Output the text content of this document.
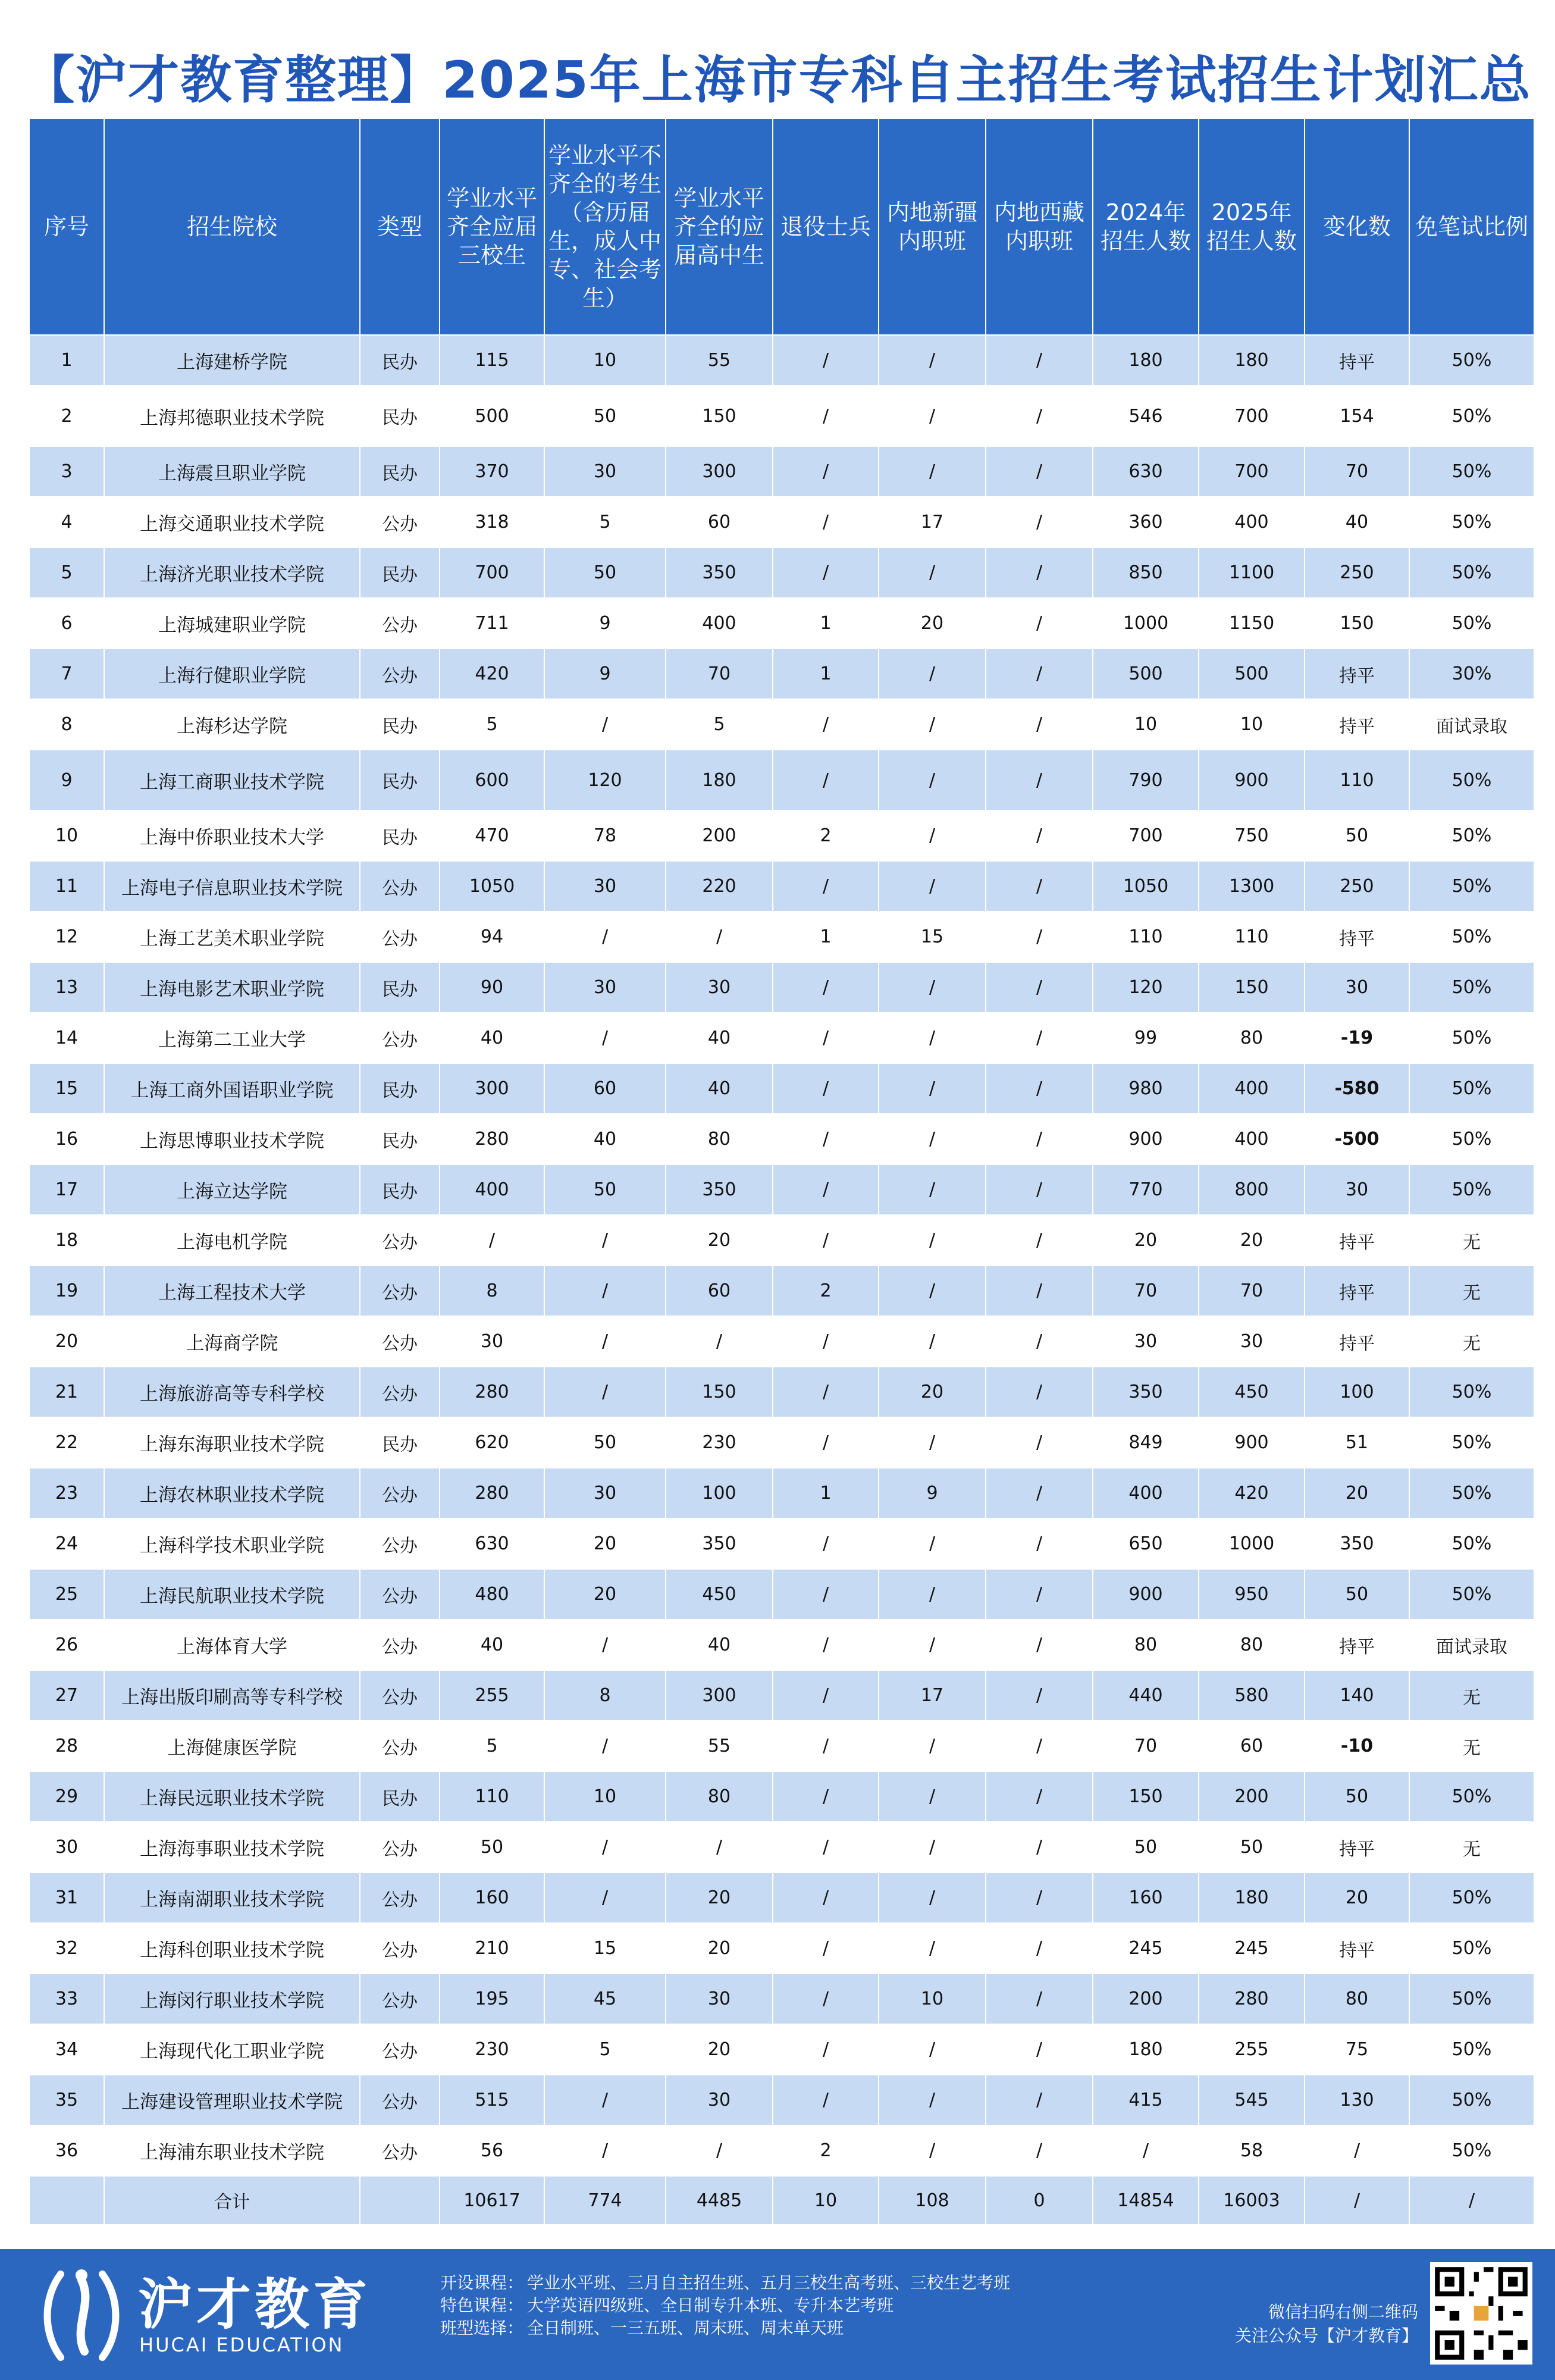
【沪才教育整理】2025年上海市专科自主招生考试招生计划汇总
序号	招生院校	类型	学业水平齐全应届三校生	学业水平不齐全的考生（含历届生，成人中专、社会考生）	学业水平齐全的应届高中生	退役士兵	内地新疆内职班	内地西藏内职班	2024年招生人数	2025年招生人数	变化数	免笔试比例
1	上海建桥学院	民办	115	10	55	/	/	/	180	180	持平	50%
2	上海邦德职业技术学院	民办	500	50	150	/	/	/	546	700	154	50%
3	上海震旦职业学院	民办	370	30	300	/	/	/	630	700	70	50%
4	上海交通职业技术学院	公办	318	5	60	/	17	/	360	400	40	50%
5	上海济光职业技术学院	民办	700	50	350	/	/	/	850	1100	250	50%
6	上海城建职业学院	公办	711	9	400	1	20	/	1000	1150	150	50%
7	上海行健职业学院	公办	420	9	70	1	/	/	500	500	持平	30%
8	上海杉达学院	民办	5	/	5	/	/	/	10	10	持平	面试录取
9	上海工商职业技术学院	民办	600	120	180	/	/	/	790	900	110	50%
10	上海中侨职业技术大学	民办	470	78	200	2	/	/	700	750	50	50%
11	上海电子信息职业技术学院	公办	1050	30	220	/	/	/	1050	1300	250	50%
12	上海工艺美术职业学院	公办	94	/	/	1	15	/	110	110	持平	50%
13	上海电影艺术职业学院	民办	90	30	30	/	/	/	120	150	30	50%
14	上海第二工业大学	公办	40	/	40	/	/	/	99	80	-19	50%
15	上海工商外国语职业学院	民办	300	60	40	/	/	/	980	400	-580	50%
16	上海思博职业技术学院	民办	280	40	80	/	/	/	900	400	-500	50%
17	上海立达学院	民办	400	50	350	/	/	/	770	800	30	50%
18	上海电机学院	公办	/	/	20	/	/	/	20	20	持平	无
19	上海工程技术大学	公办	8	/	60	2	/	/	70	70	持平	无
20	上海商学院	公办	30	/	/	/	/	/	30	30	持平	无
21	上海旅游高等专科学校	公办	280	/	150	/	20	/	350	450	100	50%
22	上海东海职业技术学院	民办	620	50	230	/	/	/	849	900	51	50%
23	上海农林职业技术学院	公办	280	30	100	1	9	/	400	420	20	50%
24	上海科学技术职业学院	公办	630	20	350	/	/	/	650	1000	350	50%
25	上海民航职业技术学院	公办	480	20	450	/	/	/	900	950	50	50%
26	上海体育大学	公办	40	/	40	/	/	/	80	80	持平	面试录取
27	上海出版印刷高等专科学校	公办	255	8	300	/	17	/	440	580	140	无
28	上海健康医学院	公办	5	/	55	/	/	/	70	60	-10	无
29	上海民远职业技术学院	民办	110	10	80	/	/	/	150	200	50	50%
30	上海海事职业技术学院	公办	50	/	/	/	/	/	50	50	持平	无
31	上海南湖职业技术学院	公办	160	/	20	/	/	/	160	180	20	50%
32	上海科创职业技术学院	公办	210	15	20	/	/	/	245	245	持平	50%
33	上海闵行职业技术学院	公办	195	45	30	/	10	/	200	280	80	50%
34	上海现代化工职业学院	公办	230	5	20	/	/	/	180	255	75	50%
35	上海建设管理职业技术学院	公办	515	/	30	/	/	/	415	545	130	50%
36	上海浦东职业技术学院	公办	56	/	/	2	/	/	/	58	/	50%
	合计		10617	774	4485	10	108	0	14854	16003	/	/
沪才教育
HUCAI EDUCATION
开设课程： 学业水平班、三月自主招生班、五月三校生高考班、三校生艺考班
特色课程： 大学英语四级班、全日制专升本班、专升本艺考班
班型选择： 全日制班、一三五班、周末班、周末单天班
微信扫码右侧二维码
关注公众号【沪才教育】
